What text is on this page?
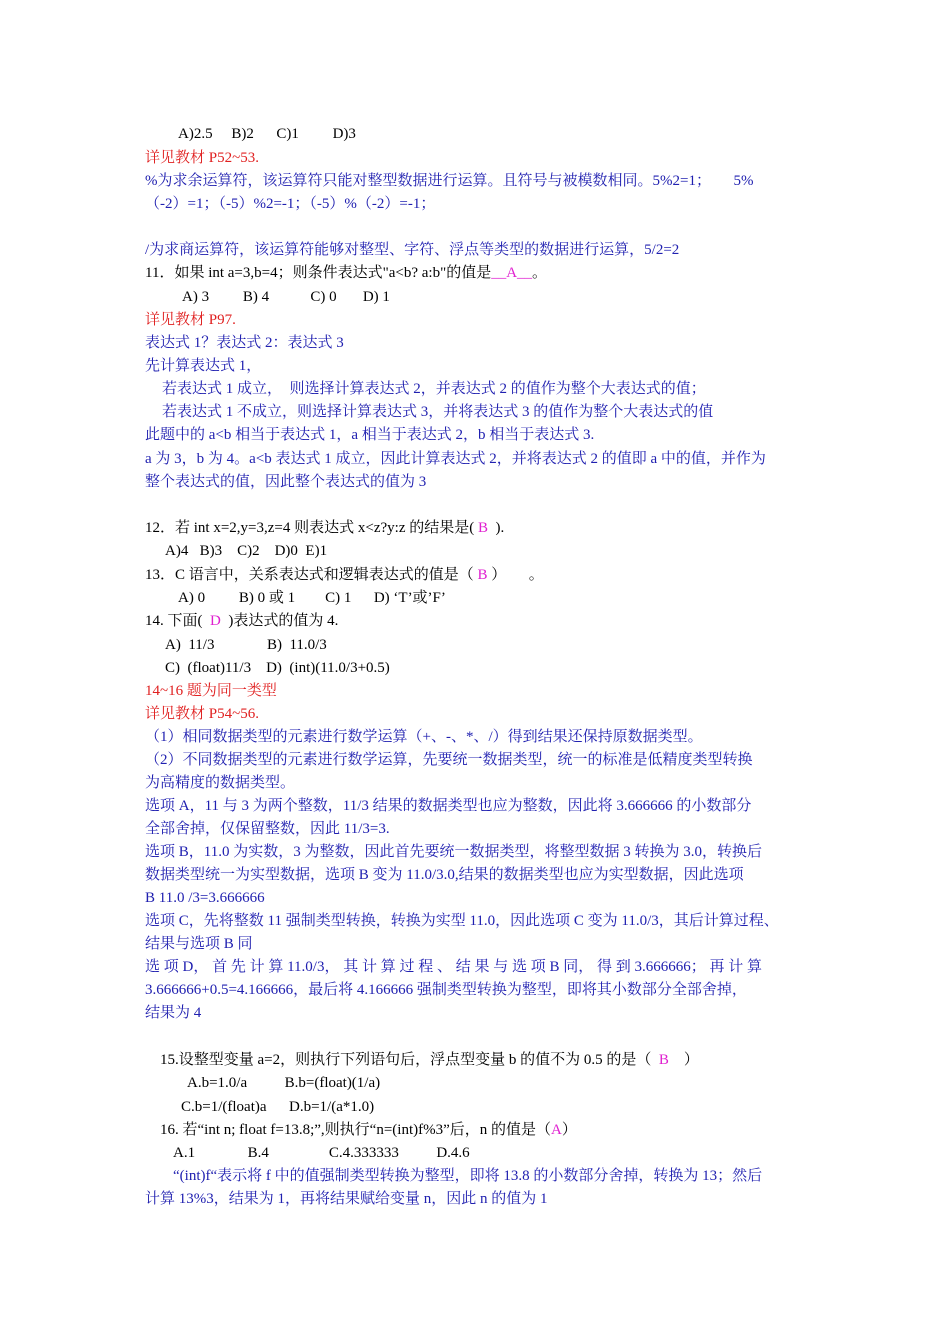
A)2.5     B)2      C)1         D)3
详见教材 P52~53.
%为求余运算符，该运算符只能对整型数据进行运算。且符号与被模数相同。5%2=1；      5%
（-2）=1；（-5）%2=-1；（-5）%（-2）=-1；
/为求商运算符，该运算符能够对整型、字符、浮点等类型的数据进行运算，5/2=2
11．如果 int a=3,b=4；则条件表达式"a<b? a:b"的值是__A__。
A) 3         B) 4           C) 0       D) 1
详见教材 P97.
表达式 1？表达式 2：表达式 3
先计算表达式 1，
若表达式 1 成立，  则选择计算表达式 2，并表达式 2 的值作为整个大表达式的值；
若表达式 1 不成立，则选择计算表达式 3，并将表达式 3 的值作为整个大表达式的值
此题中的 a<b 相当于表达式 1，a 相当于表达式 2，b 相当于表达式 3.
a 为 3，b 为 4。a<b 表达式 1 成立，因此计算表达式 2，并将表达式 2 的值即 a 中的值，并作为
整个表达式的值，因此整个表达式的值为 3
12．若 int x=2,y=3,z=4 则表达式 x<z?y:z 的结果是( B ).
A)4   B)3    C)2    D)0  E)1
13．C 语言中，关系表达式和逻辑表达式的值是（ B ）      。
A) 0         B) 0 或 1        C) 1      D) ‘T’或’F’
14. 下面( D )表达式的值为 4.
A)  11/3              B)  11.0/3
C)  (float)11/3    D)  (int)(11.0/3+0.5)
14~16 题为同一类型
详见教材 P54~56.
（1）相同数据类型的元素进行数学运算（+、-、*、/）得到结果还保持原数据类型。
（2）不同数据类型的元素进行数学运算，先要统一数据类型，统一的标准是低精度类型转换
为高精度的数据类型。
选项 A，11 与 3 为两个整数，11/3 结果的数据类型也应为整数，因此将 3.666666 的小数部分
全部舍掉，仅保留整数，因此 11/3=3.
选项 B，11.0 为实数，3 为整数，因此首先要统一数据类型，将整型数据 3 转换为 3.0，转换后
数据类型统一为实型数据，选项 B 变为 11.0/3.0,结果的数据类型也应为实型数据，因此选项
B 11.0 /3=3.666666
选项 C，先将整数 11 强制类型转换，转换为实型 11.0，因此选项 C 变为 11.0/3，其后计算过程、
结果与选项 B 同
选 项 D， 首 先 计 算 11.0/3， 其 计 算 过 程 、 结 果 与 选 项 B 同， 得 到 3.666666； 再 计 算
3.666666+0.5=4.166666，最后将 4.166666 强制类型转换为整型，即将其小数部分全部舍掉，
结果为 4
15.设整型变量 a=2，则执行下列语句后，浮点型变量 b 的值不为 0.5 的是（ B ）
A.b=1.0/a          B.b=(float)(1/a)
C.b=1/(float)a      D.b=1/(a*1.0)
16. 若“int n; float f=13.8;”,则执行“n=(int)f%3”后，n 的值是（A）
A.1              B.4                C.4.333333          D.4.6
“(int)f“表示将 f 中的值强制类型转换为整型，即将 13.8 的小数部分舍掉，转换为 13；然后
计算 13%3，结果为 1，再将结果赋给变量 n，因此 n 的值为 1
